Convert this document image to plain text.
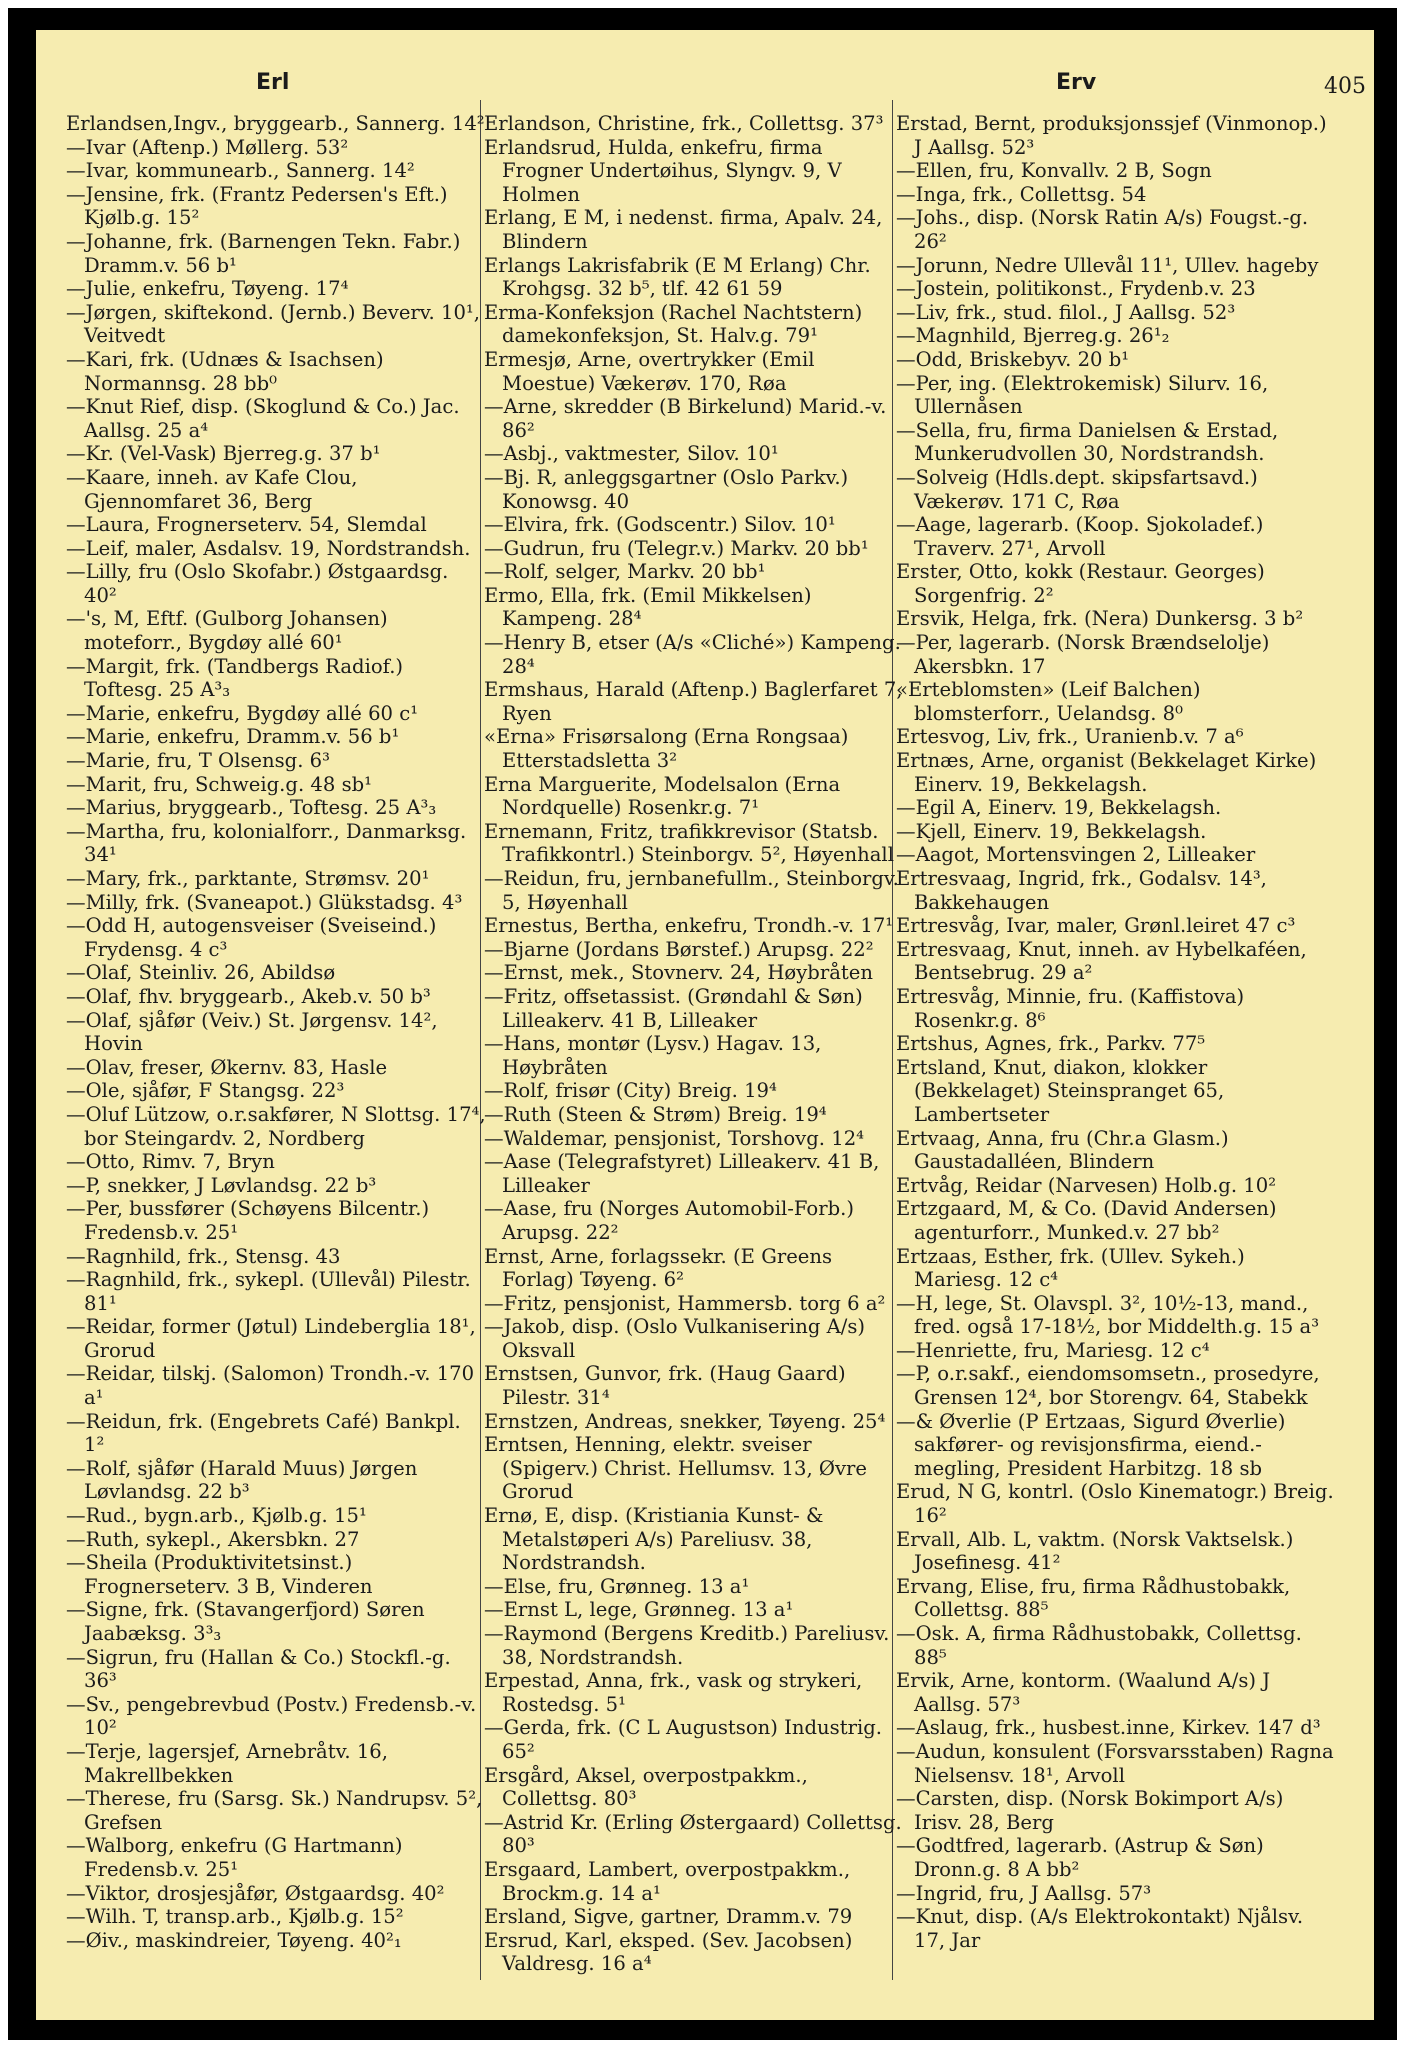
Erl	Erv	405
Erlandsen,Ingv., bryggearb., Sannerg. 14²
—Ivar (Aftenp.) Møllerg. 53²
—Ivar, kommunearb., Sannerg. 14²
—Jensine, frk. (Frantz Pedersen's Eft.) Kjølb.g. 15²
—Johanne, frk. (Barnengen Tekn. Fabr.) Dramm.v. 56 b¹
—Julie, enkefru, Tøyeng. 17⁴
—Jørgen, skiftekond. (Jernb.) Beverv. 10¹, Veitvedt
—Kari, frk. (Udnæs & Isachsen) Normannsg. 28 bb⁰
—Knut Rief, disp. (Skoglund & Co.) Jac. Aallsg. 25 a⁴
—Kr. (Vel-Vask) Bjerreg.g. 37 b¹
—Kaare, inneh. av Kafe Clou, Gjennomfaret 36, Berg
—Laura, Frognerseterv. 54, Slemdal
—Leif, maler, Asdalsv. 19, Nordstrandsh.
—Lilly, fru (Oslo Skofabr.) Østgaardsg. 40²
—'s, M, Eftf. (Gulborg Johansen) moteforr., Bygdøy allé 60¹
—Margit, frk. (Tandbergs Radiof.) Toftesg. 25 A³₃
—Marie, enkefru, Bygdøy allé 60 c¹
—Marie, enkefru, Dramm.v. 56 b¹
—Marie, fru, T Olsensg. 6³
—Marit, fru, Schweig.g. 48 sb¹
—Marius, bryggearb., Toftesg. 25 A³₃
—Martha, fru, kolonialforr., Danmarksg. 34¹
—Mary, frk., parktante, Strømsv. 20¹
—Milly, frk. (Svaneapot.) Glükstadsg. 4³
—Odd H, autogensveiser (Sveiseind.) Frydensg. 4 c³
—Olaf, Steinliv. 26, Abildsø
—Olaf, fhv. bryggearb., Akeb.v. 50 b³
—Olaf, sjåfør (Veiv.) St. Jørgensv. 14², Hovin
—Olav, freser, Økernv. 83, Hasle
—Ole, sjåfør, F Stangsg. 22³
—Oluf Lützow, o.r.sakfører, N Slottsg. 17⁴, bor Steingardv. 2, Nordberg
—Otto, Rimv. 7, Bryn
—P, snekker, J Løvlandsg. 22 b³
—Per, bussfører (Schøyens Bilcentr.) Fredensb.v. 25¹
—Ragnhild, frk., Stensg. 43
—Ragnhild, frk., sykepl. (Ullevål) Pilestr. 81¹
—Reidar, former (Jøtul) Lindeberglia 18¹, Grorud
—Reidar, tilskj. (Salomon) Trondh.-v. 170 a¹
—Reidun, frk. (Engebrets Café) Bankpl. 1²
—Rolf, sjåfør (Harald Muus) Jørgen Løvlandsg. 22 b³
—Rud., bygn.arb., Kjølb.g. 15¹
—Ruth, sykepl., Akersbkn. 27
—Sheila (Produktivitetsinst.) Frognerseterv. 3 B, Vinderen
—Signe, frk. (Stavangerfjord) Søren Jaabæksg. 3³₃
—Sigrun, fru (Hallan & Co.) Stockfl.-g. 36³
—Sv., pengebrevbud (Postv.) Fredensb.-v. 10²
—Terje, lagersjef, Arnebråtv. 16, Makrellbekken
—Therese, fru (Sarsg. Sk.) Nandrupsv. 5², Grefsen
—Walborg, enkefru (G Hartmann) Fredensb.v. 25¹
—Viktor, drosjesjåfør, Østgaardsg. 40²
—Wilh. T, transp.arb., Kjølb.g. 15²
—Øiv., maskindreier, Tøyeng. 40²₁
Erlandson, Christine, frk., Collettsg. 37³
Erlandsrud, Hulda, enkefru, firma Frogner Undertøihus, Slyngv. 9, V Holmen
Erlang, E M, i nedenst. firma, Apalv. 24, Blindern
Erlangs Lakrisfabrik (E M Erlang) Chr. Krohgsg. 32 b⁵, tlf. 42 61 59
Erma-Konfeksjon (Rachel Nachtstern) damekonfeksjon, St. Halv.g. 79¹
Ermesjø, Arne, overtrykker (Emil Moestue) Vækerøv. 170, Røa
—Arne, skredder (B Birkelund) Marid.-v. 86²
—Asbj., vaktmester, Silov. 10¹
—Bj. R, anleggsgartner (Oslo Parkv.) Konowsg. 40
—Elvira, frk. (Godscentr.) Silov. 10¹
—Gudrun, fru (Telegr.v.) Markv. 20 bb¹
—Rolf, selger, Markv. 20 bb¹
Ermo, Ella, frk. (Emil Mikkelsen) Kampeng. 28⁴
—Henry B, etser (A/s «Cliché») Kampeng. 28⁴
Ermshaus, Harald (Aftenp.) Baglerfaret 7, Ryen
«Erna» Frisørsalong (Erna Rongsaa) Etterstadsletta 3²
Erna Marguerite, Modelsalon (Erna Nordquelle) Rosenkr.g. 7¹
Ernemann, Fritz, trafikkrevisor (Statsb. Trafikkontrl.) Steinborgv. 5², Høyenhall
—Reidun, fru, jernbanefullm., Steinborgv. 5, Høyenhall
Ernestus, Bertha, enkefru, Trondh.-v. 17¹
—Bjarne (Jordans Børstef.) Arupsg. 22²
—Ernst, mek., Stovnerv. 24, Høybråten
—Fritz, offsetassist. (Grøndahl & Søn) Lilleakerv. 41 B, Lilleaker
—Hans, montør (Lysv.) Hagav. 13, Høybråten
—Rolf, frisør (City) Breig. 19⁴
—Ruth (Steen & Strøm) Breig. 19⁴
—Waldemar, pensjonist, Torshovg. 12⁴
—Aase (Telegrafstyret) Lilleakerv. 41 B, Lilleaker
—Aase, fru (Norges Automobil-Forb.) Arupsg. 22²
Ernst, Arne, forlagssekr. (E Greens Forlag) Tøyeng. 6²
—Fritz, pensjonist, Hammersb. torg 6 a²
—Jakob, disp. (Oslo Vulkanisering A/s) Oksvall
Ernstsen, Gunvor, frk. (Haug Gaard) Pilestr. 31⁴
Ernstzen, Andreas, snekker, Tøyeng. 25⁴
Erntsen, Henning, elektr. sveiser (Spigerv.) Christ. Hellumsv. 13, Øvre Grorud
Ernø, E, disp. (Kristiania Kunst- & Metalstøperi A/s) Pareliusv. 38, Nordstrandsh.
—Else, fru, Grønneg. 13 a¹
—Ernst L, lege, Grønneg. 13 a¹
—Raymond (Bergens Kreditb.) Pareliusv. 38, Nordstrandsh.
Erpestad, Anna, frk., vask og strykeri, Rostedsg. 5¹
—Gerda, frk. (C L Augustson) Industrig. 65²
Ersgård, Aksel, overpostpakkm., Collettsg. 80³
—Astrid Kr. (Erling Østergaard) Collettsg. 80³
Ersgaard, Lambert, overpostpakkm., Brockm.g. 14 a¹
Ersland, Sigve, gartner, Dramm.v. 79
Ersrud, Karl, eksped. (Sev. Jacobsen) Valdresg. 16 a⁴
Erstad, Bernt, produksjonssjef (Vinmonop.) J Aallsg. 52³
—Ellen, fru, Konvallv. 2 B, Sogn
—Inga, frk., Collettsg. 54
—Johs., disp. (Norsk Ratin A/s) Fougst.-g. 26²
—Jorunn, Nedre Ullevål 11¹, Ullev. hageby
—Jostein, politikonst., Frydenb.v. 23
—Liv, frk., stud. filol., J Aallsg. 52³
—Magnhild, Bjerreg.g. 26¹₂
—Odd, Briskebyv. 20 b¹
—Per, ing. (Elektrokemisk) Silurv. 16, Ullernåsen
—Sella, fru, firma Danielsen & Erstad, Munkerudvollen 30, Nordstrandsh.
—Solveig (Hdls.dept. skipsfartsavd.) Vækerøv. 171 C, Røa
—Aage, lagerarb. (Koop. Sjokoladef.) Traverv. 27¹, Arvoll
Erster, Otto, kokk (Restaur. Georges) Sorgenfrig. 2²
Ersvik, Helga, frk. (Nera) Dunkersg. 3 b²
—Per, lagerarb. (Norsk Brændselolje) Akersbkn. 17
«Erteblomsten» (Leif Balchen) blomsterforr., Uelandsg. 8⁰
Ertesvog, Liv, frk., Uranienb.v. 7 a⁶
Ertnæs, Arne, organist (Bekkelaget Kirke) Einerv. 19, Bekkelagsh.
—Egil A, Einerv. 19, Bekkelagsh.
—Kjell, Einerv. 19, Bekkelagsh.
—Aagot, Mortensvingen 2, Lilleaker
Ertresvaag, Ingrid, frk., Godalsv. 14³, Bakkehaugen
Ertresvåg, Ivar, maler, Grønl.leiret 47 c³
Ertresvaag, Knut, inneh. av Hybelkaféen, Bentsebrug. 29 a²
Ertresvåg, Minnie, fru. (Kaffistova) Rosenkr.g. 8⁶
Ertshus, Agnes, frk., Parkv. 77⁵
Ertsland, Knut, diakon, klokker (Bekkelaget) Steinspranget 65, Lambertseter
Ertvaag, Anna, fru (Chr.a Glasm.) Gaustadalléen, Blindern
Ertvåg, Reidar (Narvesen) Holb.g. 10²
Ertzgaard, M, & Co. (David Andersen) agenturforr., Munked.v. 27 bb²
Ertzaas, Esther, frk. (Ullev. Sykeh.) Mariesg. 12 c⁴
—H, lege, St. Olavspl. 3², 10½-13, mand., fred. også 17-18½, bor Middelth.g. 15 a³
—Henriette, fru, Mariesg. 12 c⁴
—P, o.r.sakf., eiendomsomsetn., prosedyre, Grensen 12⁴, bor Storengv. 64, Stabekk
—& Øverlie (P Ertzaas, Sigurd Øverlie) sakfører- og revisjonsfirma, eiend.-megling, President Harbitzg. 18 sb
Erud, N G, kontrl. (Oslo Kinematogr.) Breig. 16²
Ervall, Alb. L, vaktm. (Norsk Vaktselsk.) Josefinesg. 41²
Ervang, Elise, fru, firma Rådhustobakk, Collettsg. 88⁵
—Osk. A, firma Rådhustobakk, Collettsg. 88⁵
Ervik, Arne, kontorm. (Waalund A/s) J Aallsg. 57³
—Aslaug, frk., husbest.inne, Kirkev. 147 d³
—Audun, konsulent (Forsvarsstaben) Ragna Nielsensv. 18¹, Arvoll
—Carsten, disp. (Norsk Bokimport A/s) Irisv. 28, Berg
—Godtfred, lagerarb. (Astrup & Søn) Dronn.g. 8 A bb²
—Ingrid, fru, J Aallsg. 57³
—Knut, disp. (A/s Elektrokontakt) Njålsv. 17, Jar
